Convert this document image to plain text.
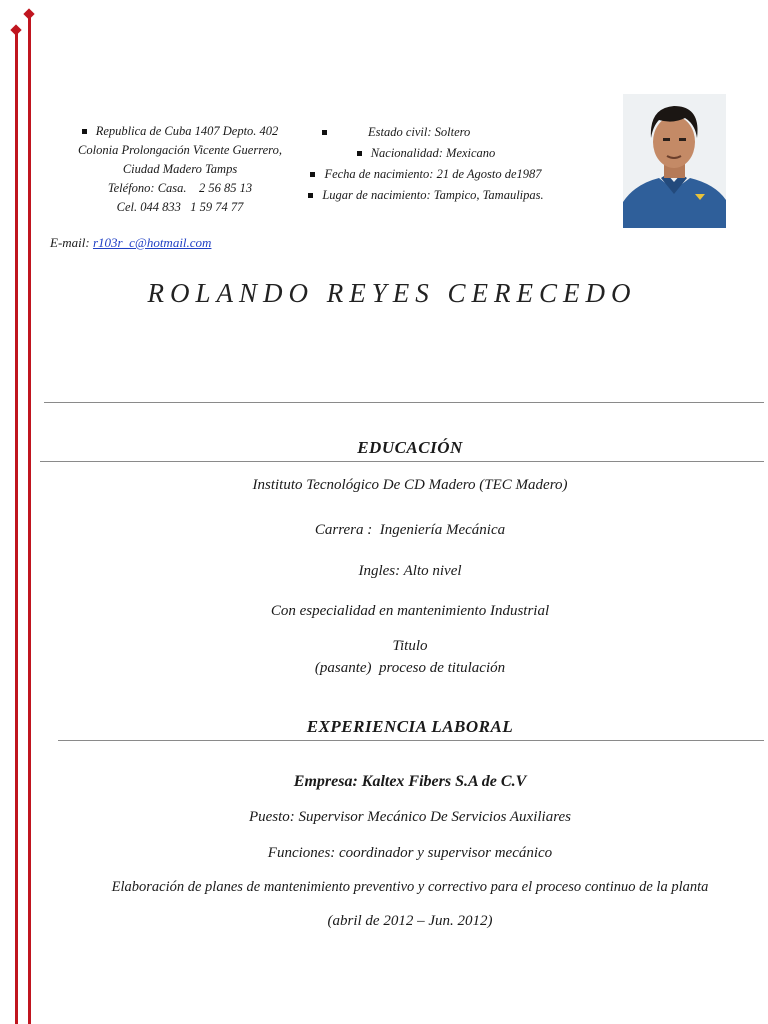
Republica de Cuba 1407 Depto. 402
Colonia Prolongación Vicente Guerrero,
Ciudad Madero Tamps
Teléfono: Casa.    2 56 85 13
Cel. 044 833   1 59 74 77
Estado civil: Soltero
Nacionalidad: Mexicano
Fecha de nacimiento: 21 de Agosto de1987
Lugar de nacimiento: Tampico, Tamaulipas.
E-mail: r103r_c@hotmail.com
ROLANDO REYES CERECEDO
EDUCACIÓN
Instituto Tecnológico De CD Madero (TEC Madero)
Carrera :  Ingeniería Mecánica
Ingles: Alto nivel
Con especialidad en mantenimiento Industrial
Titulo
(pasante)  proceso de titulación
EXPERIENCIA LABORAL
Empresa: Kaltex Fibers S.A de C.V
Puesto: Supervisor Mecánico De Servicios Auxiliares
Funciones: coordinador y supervisor mecánico
Elaboración de planes de mantenimiento preventivo y correctivo para el proceso continuo de la planta
(abril de 2012 – Jun. 2012)
